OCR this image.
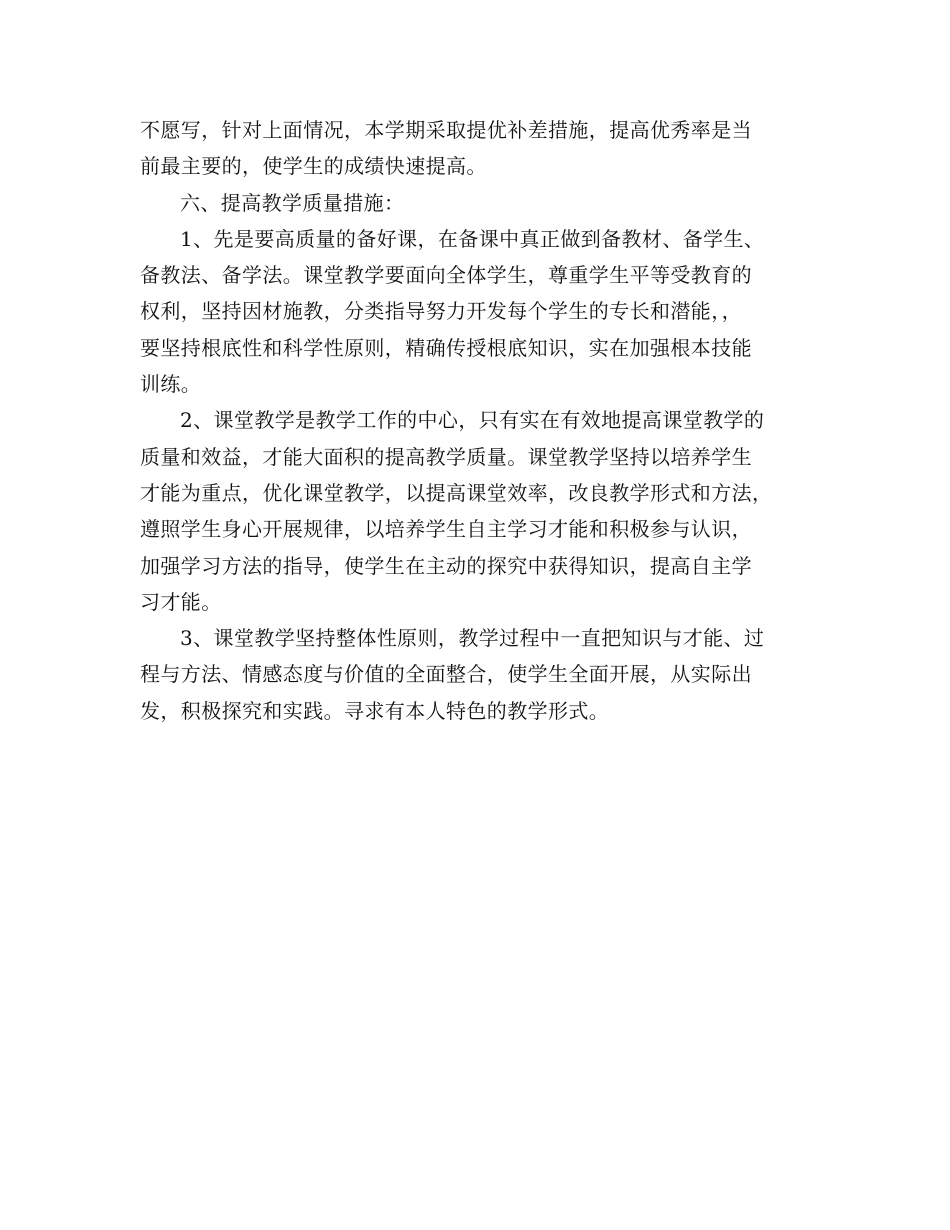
不愿写，针对上面情况，本学期采取提优补差措施，提高优秀率是当
前最主要的，使学生的成绩快速提高。

六、提高教学质量措施：

1、先是要高质量的备好课，在备课中真正做到备教材、备学生、
备教法、备学法。课堂教学要面向全体学生，尊重学生平等受教育的
权利，坚持因材施教，分类指导努力开发每个学生的专长和潜能，，
要坚持根底性和科学性原则，精确传授根底知识，实在加强根本技能
训练。

2、课堂教学是教学工作的中心，只有实在有效地提高课堂教学的
质量和效益，才能大面积的提高教学质量。课堂教学坚持以培养学生
才能为重点，优化课堂教学，以提高课堂效率，改良教学形式和方法，
遵照学生身心开展规律，以培养学生自主学习才能和积极参与认识，
加强学习方法的指导，使学生在主动的探究中获得知识，提高自主学
习才能。

3、课堂教学坚持整体性原则，教学过程中一直把知识与才能、过
程与方法、情感态度与价值的全面整合，使学生全面开展，从实际出
发，积极探究和实践。寻求有本人特色的教学形式。
